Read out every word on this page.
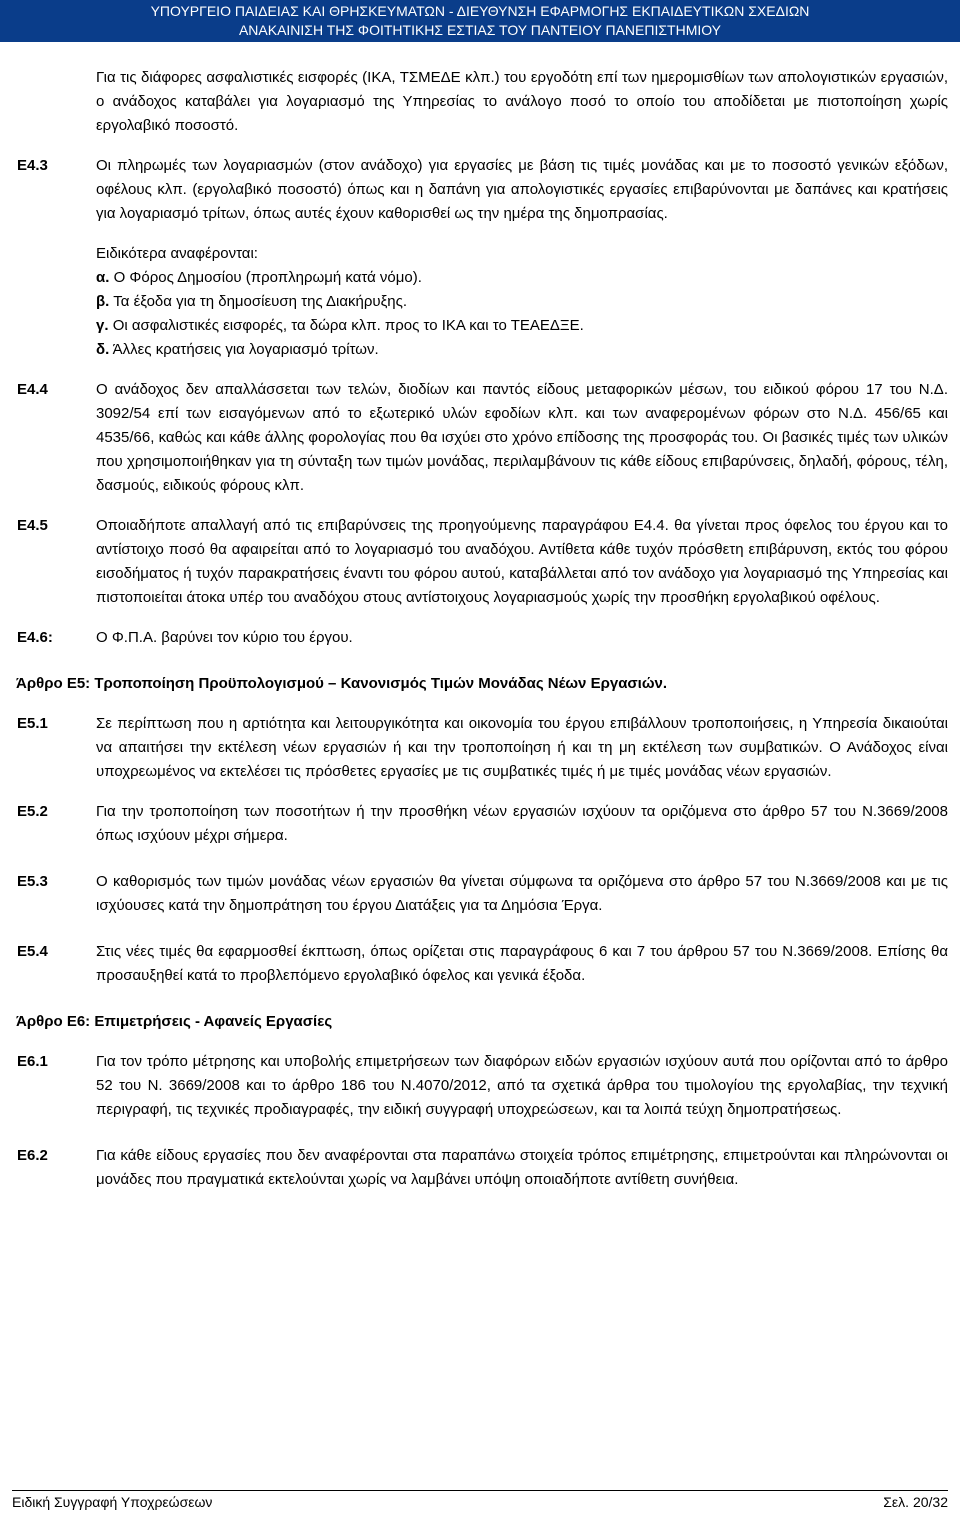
ΥΠΟΥΡΓΕΙΟ ΠΑΙΔΕΙΑΣ ΚΑΙ ΘΡΗΣΚΕΥΜΑΤΩΝ - ΔΙΕΥΘΥΝΣΗ ΕΦΑΡΜΟΓΗΣ ΕΚΠΑΙΔΕΥΤΙΚΩΝ ΣΧΕΔΙΩΝ
ΑΝΑΚΑΙΝΙΣΗ ΤΗΣ ΦΟΙΤΗΤΙΚΗΣ ΕΣΤΙΑΣ ΤΟΥ ΠΑΝΤΕΙΟΥ ΠΑΝΕΠΙΣΤΗΜΙΟΥ

Για τις διάφορες ασφαλιστικές εισφορές (ΙΚΑ, ΤΣΜΕΔΕ κλπ.) του εργοδότη επί των ημερομισθίων των απολογιστικών εργασιών, ο ανάδοχος καταβάλει για λογαριασμό της Υπηρεσίας το ανάλογο ποσό το οποίο του αποδίδεται με πιστοποίηση χωρίς εργολαβικό ποσοστό.

Ε4.3	Οι πληρωμές των λογαριασμών (στον ανάδοχο) για εργασίες με βάση τις τιμές μονάδας και με το ποσοστό γενικών εξόδων, οφέλους κλπ. (εργολαβικό ποσοστό) όπως και η δαπάνη για απολογιστικές εργασίες επιβαρύνονται με δαπάνες και κρατήσεις για λογαριασμό τρίτων, όπως αυτές έχουν καθορισθεί ως την ημέρα της δημοπρασίας.

Ειδικότερα αναφέρονται:
α. Ο Φόρος Δημοσίου (προπληρωμή κατά νόμο).
β. Τα έξοδα για τη δημοσίευση της Διακήρυξης.
γ. Οι ασφαλιστικές εισφορές, τα δώρα κλπ. προς το ΙΚΑ και το ΤΕΑΕΔΞΕ.
δ. Άλλες κρατήσεις για λογαριασμό τρίτων.
Ε4.4	Ο ανάδοχος δεν απαλλάσσεται των τελών, διοδίων και παντός είδους μεταφορικών μέσων, του ειδικού φόρου 17 του Ν.Δ. 3092/54 επί των εισαγόμενων από το εξωτερικό υλών εφοδίων κλπ. και των αναφερομένων φόρων στο Ν.Δ. 456/65 και 4535/66, καθώς και κάθε άλλης φορολογίας που θα ισχύει στο χρόνο επίδοσης της προσφοράς του. Οι βασικές τιμές των υλικών που χρησιμοποιήθηκαν για τη σύνταξη των τιμών μονάδας, περιλαμβάνουν τις κάθε είδους επιβαρύνσεις, δηλαδή, φόρους, τέλη, δασμούς, ειδικούς φόρους κλπ.

Ε4.5	Οποιαδήποτε απαλλαγή από τις επιβαρύνσεις της προηγούμενης παραγράφου Ε4.4. θα γίνεται προς όφελος του έργου και το αντίστοιχο ποσό θα αφαιρείται από το λογαριασμό του αναδόχου. Αντίθετα κάθε τυχόν πρόσθετη επιβάρυνση, εκτός του φόρου εισοδήματος ή τυχόν παρακρατήσεις έναντι του φόρου αυτού, καταβάλλεται από τον ανάδοχο για λογαριασμό της Υπηρεσίας και πιστοποιείται άτοκα υπέρ του αναδόχου στους αντίστοιχους λογαριασμούς χωρίς την προσθήκη εργολαβικού οφέλους.

Ε4.6:	Ο Φ.Π.Α. βαρύνει τον κύριο του έργου.

Άρθρο Ε5: Τροποποίηση Προϋπολογισμού – Κανονισμός Τιμών Μονάδας Νέων Εργασιών.
Ε5.1	Σε περίπτωση που η αρτιότητα και λειτουργικότητα και οικονομία του έργου επιβάλλουν τροποποιήσεις, η Υπηρεσία δικαιούται να απαιτήσει την εκτέλεση νέων εργασιών ή και την τροποποίηση ή και τη μη εκτέλεση των συμβατικών. Ο Ανάδοχος είναι υποχρεωμένος να εκτελέσει τις πρόσθετες εργασίες με τις συμβατικές τιμές ή με τιμές μονάδας νέων εργασιών.

Ε5.2	Για την τροποποίηση των ποσοτήτων ή την προσθήκη νέων εργασιών ισχύουν τα οριζόμενα στο άρθρο 57 του Ν.3669/2008 όπως ισχύουν μέχρι σήμερα.

Ε5.3	Ο καθορισμός των τιμών μονάδας νέων εργασιών θα γίνεται σύμφωνα τα οριζόμενα στο άρθρο 57 του Ν.3669/2008 και με τις ισχύουσες κατά την δημοπράτηση του έργου Διατάξεις για τα Δημόσια Έργα.

Ε5.4	Στις νέες τιμές θα εφαρμοσθεί έκπτωση, όπως ορίζεται στις παραγράφους 6 και 7 του άρθρου 57 του Ν.3669/2008. Επίσης θα προσαυξηθεί κατά το προβλεπόμενο εργολαβικό όφελος και γενικά έξοδα.

Άρθρο Ε6: Επιμετρήσεις - Αφανείς Εργασίες
Ε6.1	Για τον τρόπο μέτρησης και υποβολής επιμετρήσεων των διαφόρων ειδών εργασιών ισχύουν αυτά που ορίζονται από το άρθρο 52 του Ν. 3669/2008 και το άρθρο 186 του Ν.4070/2012, από τα σχετικά άρθρα του τιμολογίου της εργολαβίας, την τεχνική περιγραφή, τις τεχνικές προδιαγραφές, την ειδική συγγραφή υποχρεώσεων, και τα λοιπά τεύχη δημοπρατήσεως.

Ε6.2	Για κάθε είδους εργασίες που δεν αναφέρονται στα παραπάνω στοιχεία τρόπος επιμέτρησης, επιμετρούνται και πληρώνονται οι μονάδες που πραγματικά εκτελούνται χωρίς να λαμβάνει υπόψη οποιαδήποτε αντίθετη συνήθεια.

Ειδική Συγγραφή Υποχρεώσεων	Σελ. 20/32
